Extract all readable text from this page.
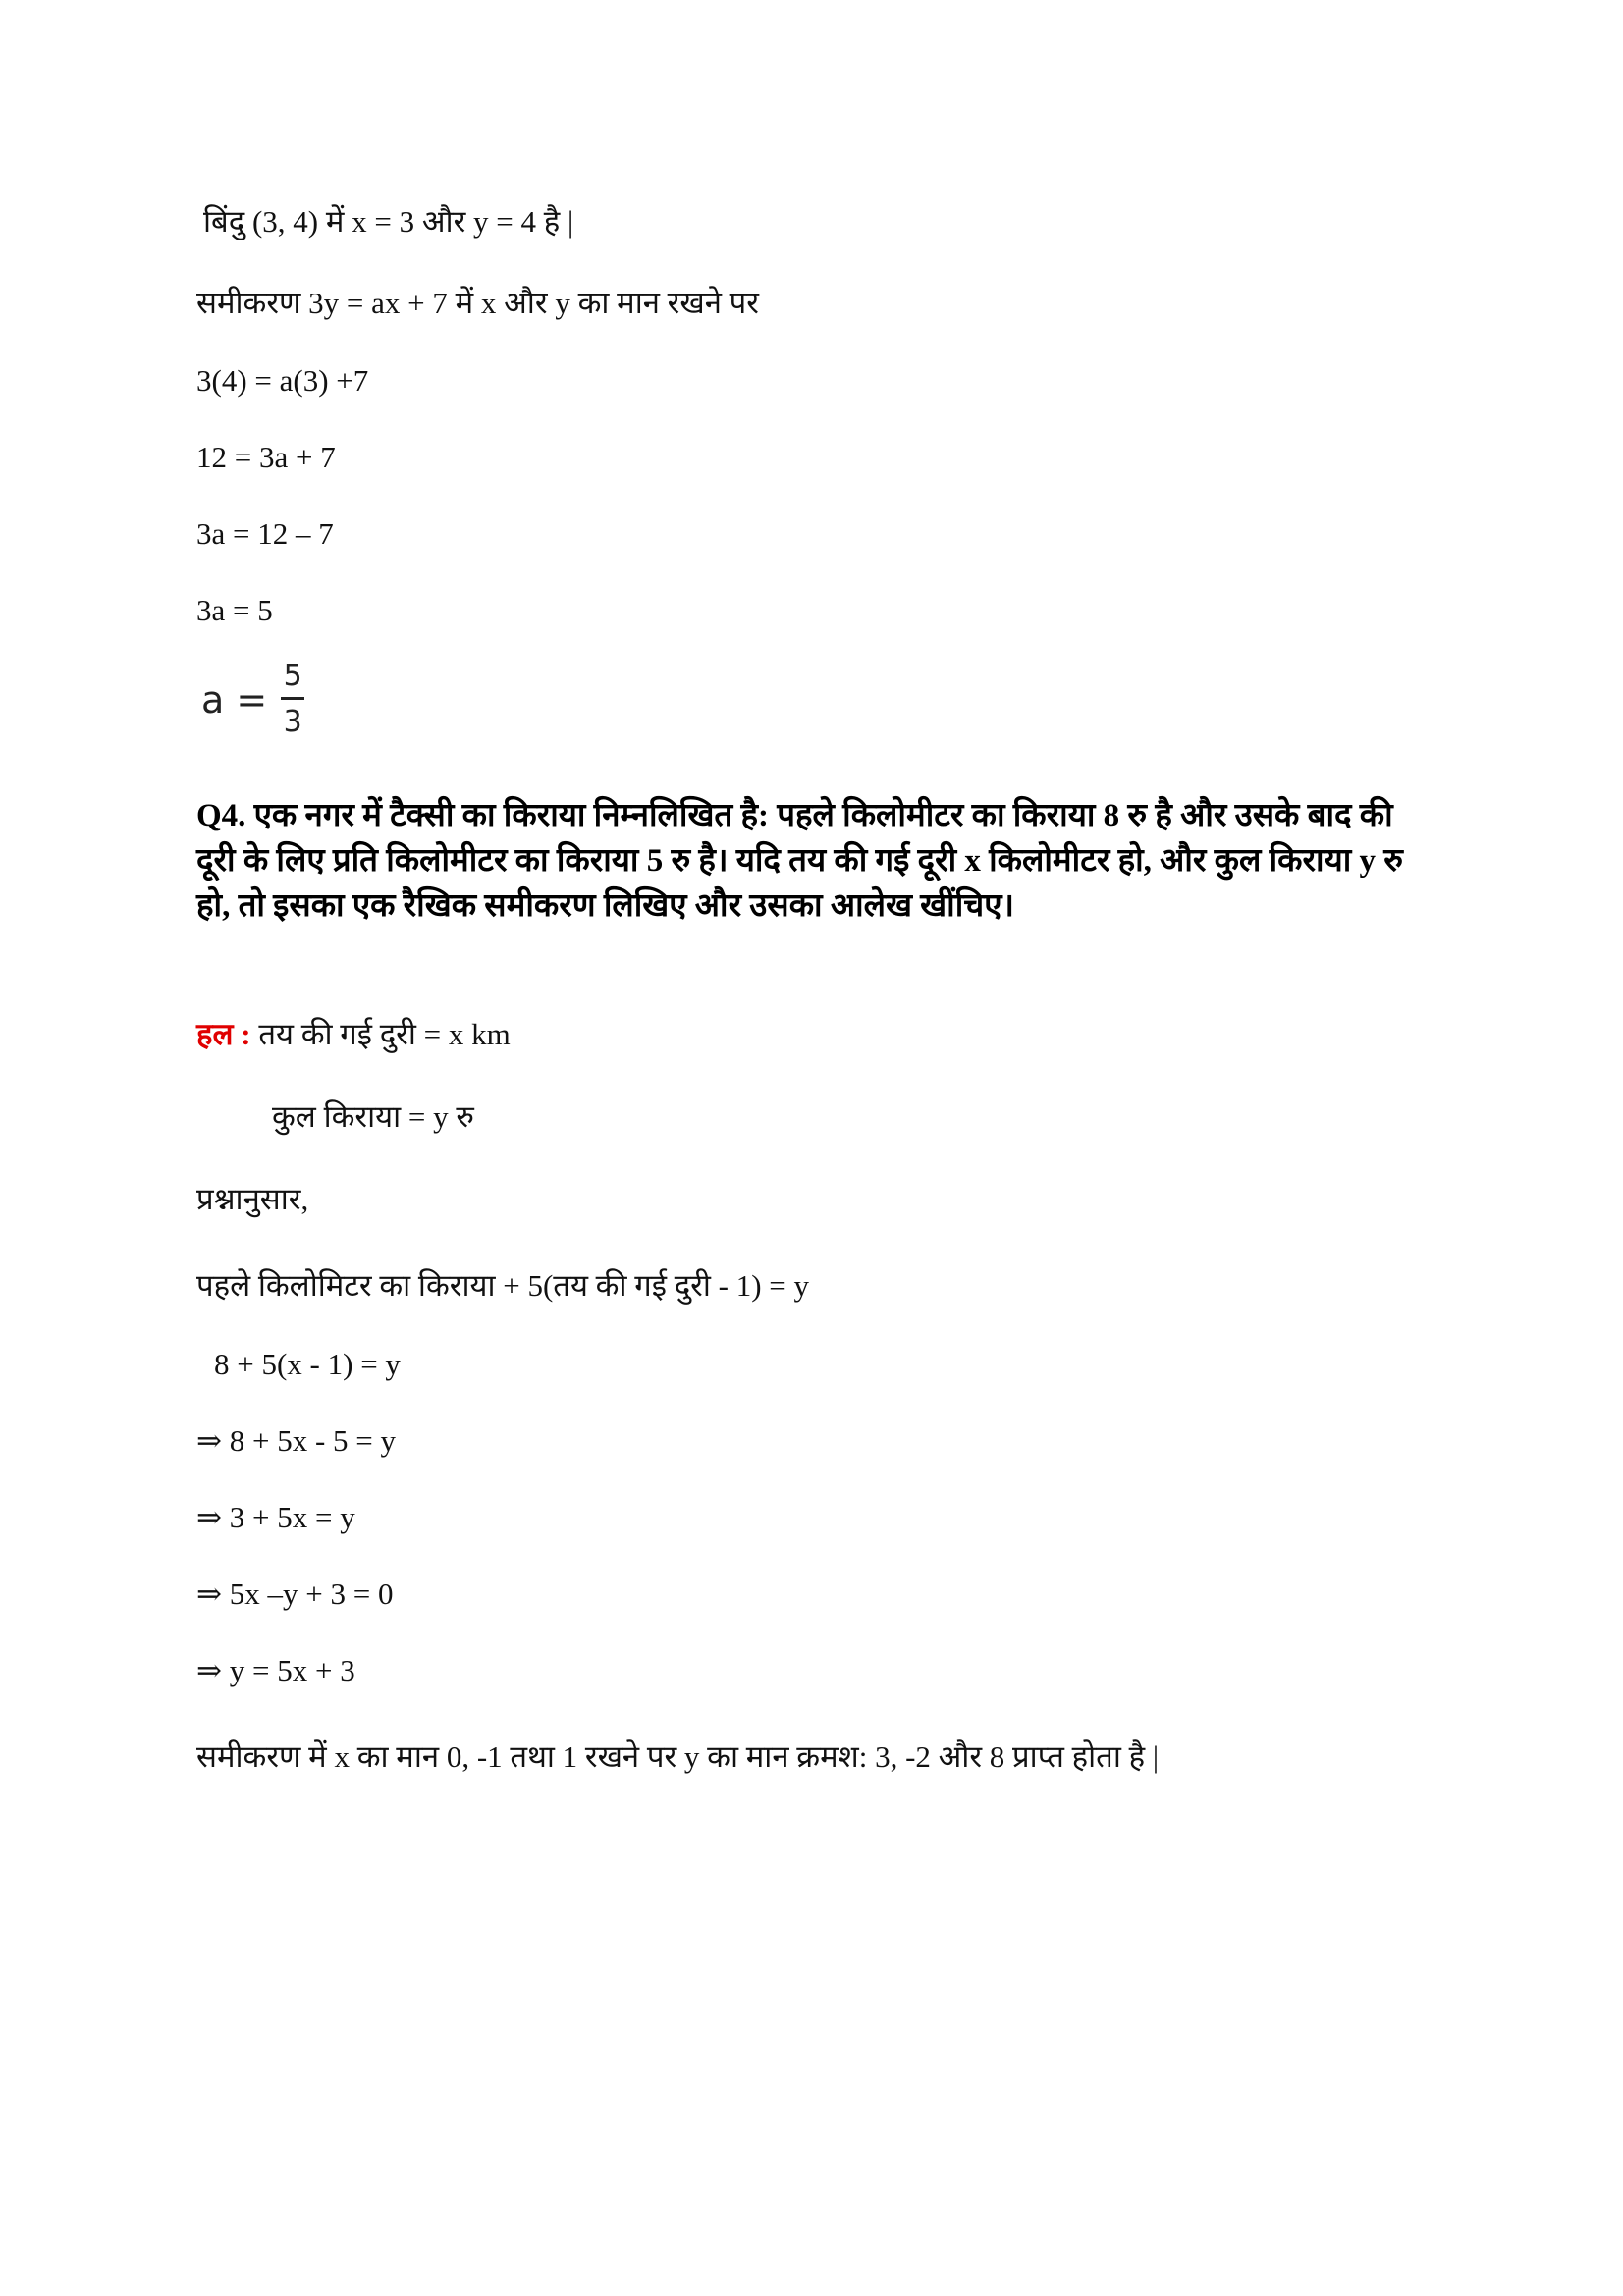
बिंदु (3, 4) में x = 3 और y = 4 है |
समीकरण 3y = ax + 7 में x और y का मान रखने पर
3(4) = a(3) +7
12 = 3a + 7
3a = 12 – 7
3a = 5
a =
5
3
Q4. एक नगर में टैक्सी का किराया निम्नलिखित है: पहले किलोमीटर का किराया 8 रु है और उसके बाद की दूरी के लिए प्रति किलोमीटर का किराया 5 रु है। यदि तय की गई दूरी x किलोमीटर हो, और कुल किराया y रु हो, तो इसका एक रैखिक समीकरण लिखिए और उसका आलेख खींचिए।
हल : तय की गई दुरी = x km
कुल किराया = y रु
प्रश्नानुसार,
पहले किलोमिटर का किराया + 5(तय की गई दुरी - 1) = y
8 + 5(x - 1) = y
⇒ 8 + 5x - 5 = y
⇒ 3 + 5x = y
⇒ 5x –y + 3 = 0
⇒ y = 5x + 3
समीकरण में x का मान 0, -1 तथा 1 रखने पर y का मान क्रमश: 3, -2 और 8 प्राप्त होता है |
